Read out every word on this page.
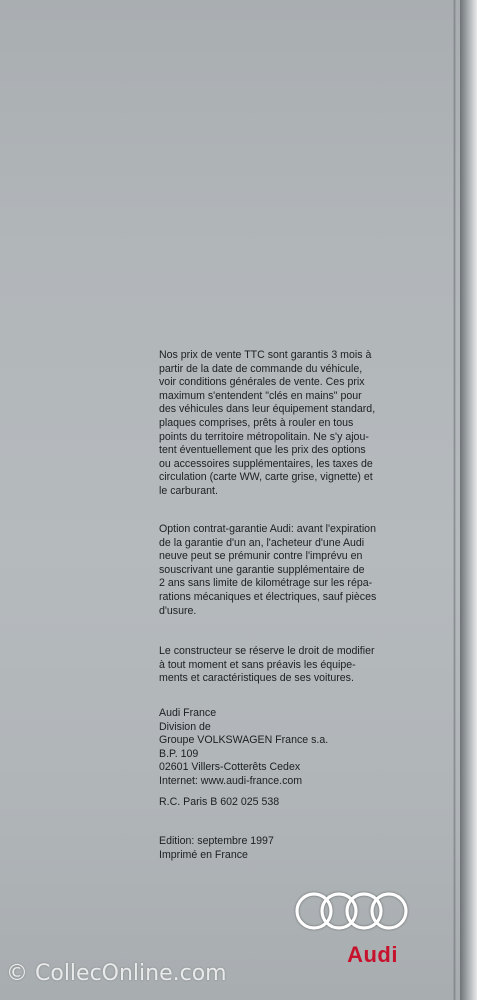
Nos prix de vente TTC sont garantis 3 mois à
partir de la date de commande du véhicule,
voir conditions générales de vente. Ces prix
maximum s'entendent "clés en mains" pour
des véhicules dans leur équipement standard,
plaques comprises, prêts à rouler en tous
points du territoire métropolitain. Ne s'y ajou-
tent éventuellement que les prix des options
ou accessoires supplémentaires, les taxes de
circulation (carte WW, carte grise, vignette) et
le carburant.
Option contrat-garantie Audi: avant l'expiration
de la garantie d'un an, l'acheteur d'une Audi
neuve peut se prémunir contre l'imprévu en
souscrivant une garantie supplémentaire de
2 ans sans limite de kilométrage sur les répa-
rations mécaniques et électriques, sauf pièces
d'usure.
Le constructeur se réserve le droit de modifier
à tout moment et sans préavis les équipe-
ments et caractéristiques de ses voitures.
Audi France
Division de
Groupe VOLKSWAGEN France s.a.
B.P. 109
02601 Villers-Cotterêts Cedex
Internet: www.audi-france.com
R.C. Paris B 602 025 538
Edition: septembre 1997
Imprimé en France
Audi
© CollecOnline.com
